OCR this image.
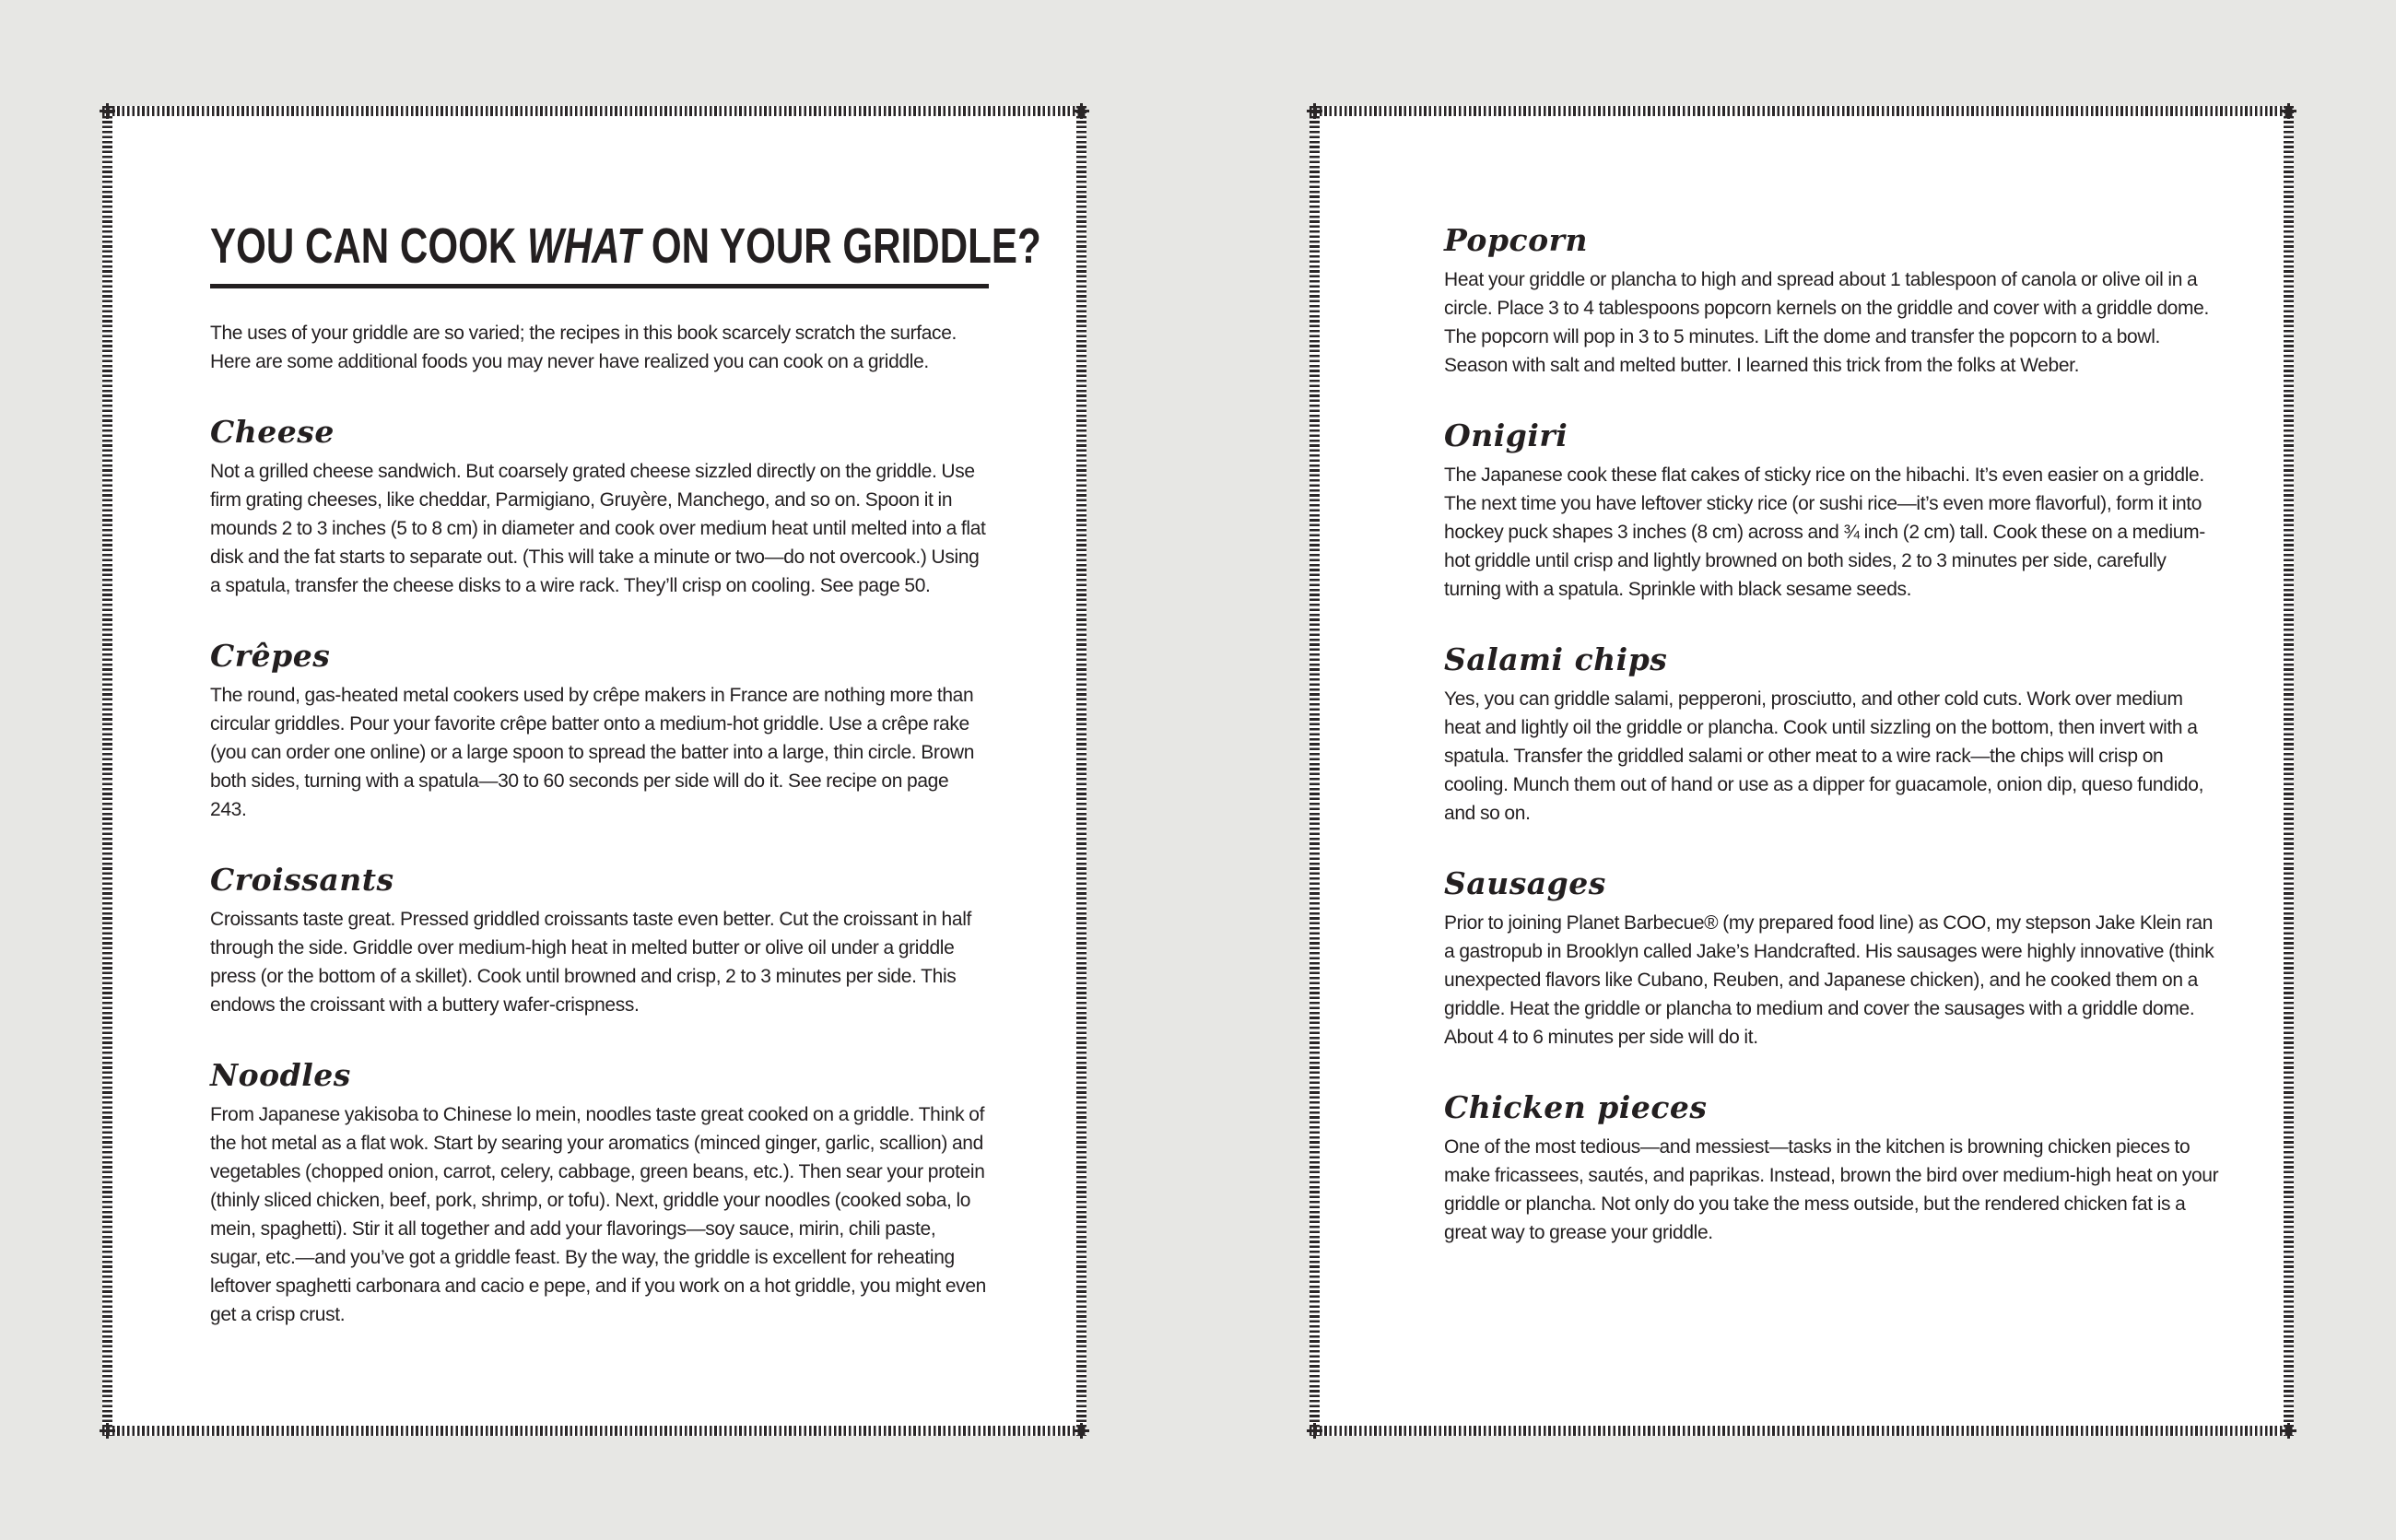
YOU CAN COOK WHAT ON YOUR GRIDDLE?

The uses of your griddle are so varied; the recipes in this book scarcely scratch the surface. Here are some additional foods you may never have realized you can cook on a griddle.

Cheese

Not a grilled cheese sandwich. But coarsely grated cheese sizzled directly on the griddle. Use firm grating cheeses, like cheddar, Parmigiano, Gruyère, Manchego, and so on. Spoon it in mounds 2 to 3 inches (5 to 8 cm) in diameter and cook over medium heat until melted into a flat disk and the fat starts to separate out. (This will take a minute or two—do not overcook.) Using a spatula, transfer the cheese disks to a wire rack. They’ll crisp on cooling. See page 50.

Crêpes

The round, gas-heated metal cookers used by crêpe makers in France are nothing more than circular griddles. Pour your favorite crêpe batter onto a medium-hot griddle. Use a crêpe rake (you can order one online) or a large spoon to spread the batter into a large, thin circle. Brown both sides, turning with a spatula—30 to 60 seconds per side will do it. See recipe on page 243.

Croissants

Croissants taste great. Pressed griddled croissants taste even better. Cut the croissant in half through the side. Griddle over medium-high heat in melted butter or olive oil under a griddle press (or the bottom of a skillet). Cook until browned and crisp, 2 to 3 minutes per side. This endows the croissant with a buttery wafer-crispness.

Noodles

From Japanese yakisoba to Chinese lo mein, noodles taste great cooked on a griddle. Think of the hot metal as a flat wok. Start by searing your aromatics (minced ginger, garlic, scallion) and vegetables (chopped onion, carrot, celery, cabbage, green beans, etc.). Then sear your protein (thinly sliced chicken, beef, pork, shrimp, or tofu). Next, griddle your noodles (cooked soba, lo mein, spaghetti). Stir it all together and add your flavorings—soy sauce, mirin, chili paste, sugar, etc.—and you’ve got a griddle feast. By the way, the griddle is excellent for reheating leftover spaghetti carbonara and cacio e pepe, and if you work on a hot griddle, you might even get a crisp crust.

Popcorn

Heat your griddle or plancha to high and spread about 1 tablespoon of canola or olive oil in a circle. Place 3 to 4 tablespoons popcorn kernels on the griddle and cover with a griddle dome. The popcorn will pop in 3 to 5 minutes. Lift the dome and transfer the popcorn to a bowl. Season with salt and melted butter. I learned this trick from the folks at Weber.

Onigiri

The Japanese cook these flat cakes of sticky rice on the hibachi. It’s even easier on a griddle. The next time you have leftover sticky rice (or sushi rice—it’s even more flavorful), form it into hockey puck shapes 3 inches (8 cm) across and ¾ inch (2 cm) tall. Cook these on a medium-hot griddle until crisp and lightly browned on both sides, 2 to 3 minutes per side, carefully turning with a spatula. Sprinkle with black sesame seeds.

Salami chips

Yes, you can griddle salami, pepperoni, prosciutto, and other cold cuts. Work over medium heat and lightly oil the griddle or plancha. Cook until sizzling on the bottom, then invert with a spatula. Transfer the griddled salami or other meat to a wire rack—the chips will crisp on cooling. Munch them out of hand or use as a dipper for guacamole, onion dip, queso fundido, and so on.

Sausages

Prior to joining Planet Barbecue® (my prepared food line) as COO, my stepson Jake Klein ran a gastropub in Brooklyn called Jake’s Handcrafted. His sausages were highly innovative (think unexpected flavors like Cubano, Reuben, and Japanese chicken), and he cooked them on a griddle. Heat the griddle or plancha to medium and cover the sausages with a griddle dome. About 4 to 6 minutes per side will do it.

Chicken pieces

One of the most tedious—and messiest—tasks in the kitchen is browning chicken pieces to make fricassees, sautés, and paprikas. Instead, brown the bird over medium-high heat on your griddle or plancha. Not only do you take the mess outside, but the rendered chicken fat is a great way to grease your griddle.
